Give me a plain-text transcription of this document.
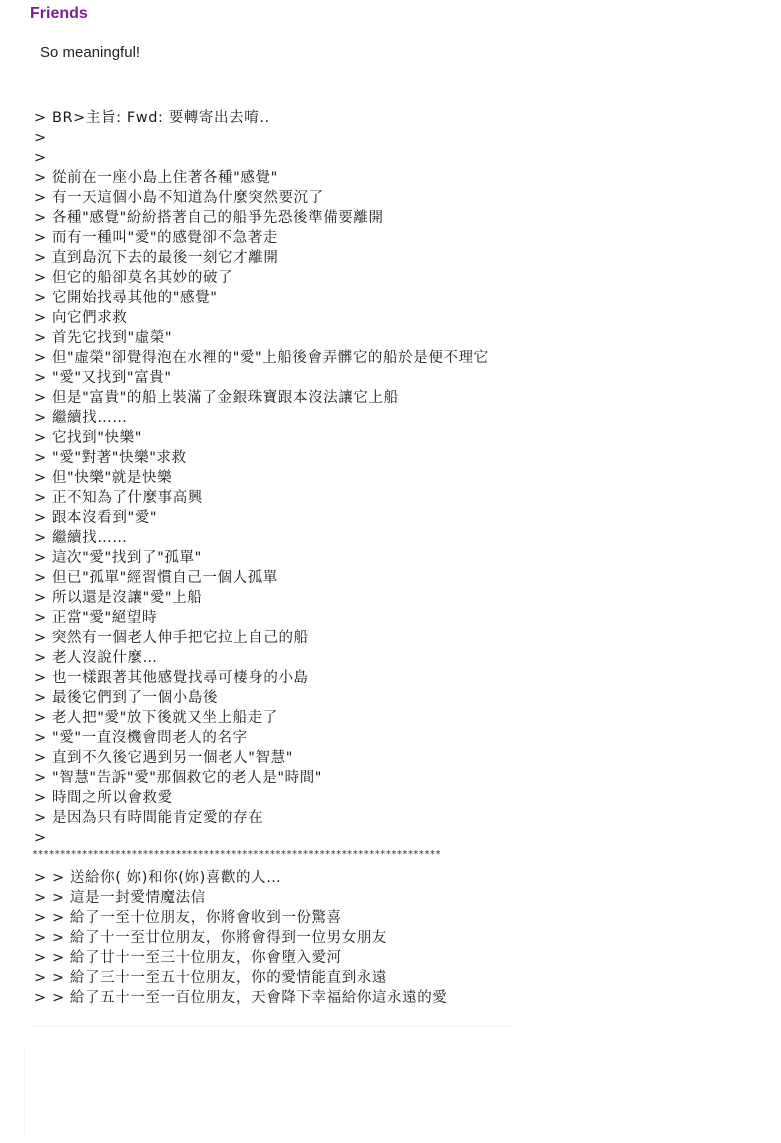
Friends
So meaningful!
> BR>主旨: Fwd: 要轉寄出去唷..
>
>
> 從前在一座小島上住著各種"感覺"
> 有一天這個小島不知道為什麼突然要沉了
> 各種"感覺"紛紛搭著自己的船爭先恐後準備要離開
> 而有一種叫"愛"的感覺卻不急著走
> 直到島沉下去的最後一刻它才離開
> 但它的船卻莫名其妙的破了
> 它開始找尋其他的"感覺"
> 向它們求救
> 首先它找到"虛榮"
> 但"虛榮"卻覺得泡在水裡的"愛"上船後會弄髒它的船於是便不理它
> "愛"又找到"富貴"
> 但是"富貴"的船上裝滿了金銀珠寶跟本沒法讓它上船
> 繼續找……
> 它找到"快樂"
> "愛"對著"快樂"求救
> 但"快樂"就是快樂
> 正不知為了什麼事高興
> 跟本沒看到"愛"
> 繼續找……
> 這次"愛"找到了"孤單"
> 但已"孤單"經習慣自己一個人孤單
> 所以還是沒讓"愛"上船
> 正當"愛"絕望時
> 突然有一個老人伸手把它拉上自己的船
> 老人沒說什麼…
> 也一樣跟著其他感覺找尋可棲身的小島
> 最後它們到了一個小島後
> 老人把"愛"放下後就又坐上船走了
> "愛"一直沒機會問老人的名字
> 直到不久後它遇到另一個老人"智慧"
> "智慧"告訴"愛"那個救它的老人是"時間"
> 時間之所以會救愛
> 是因為只有時間能肯定愛的存在
>
**************************************************************************
> > 送給你( 妳)和你(妳)喜歡的人…
> > 這是一封愛情魔法信
> > 給了一至十位朋友，你將會收到一份驚喜
> > 給了十一至廿位朋友，你將會得到一位男女朋友
> > 給了廿十一至三十位朋友，你會墮入愛河
> > 給了三十一至五十位朋友，你的愛情能直到永遠
> > 給了五十一至一百位朋友，天會降下幸福給你這永遠的愛
